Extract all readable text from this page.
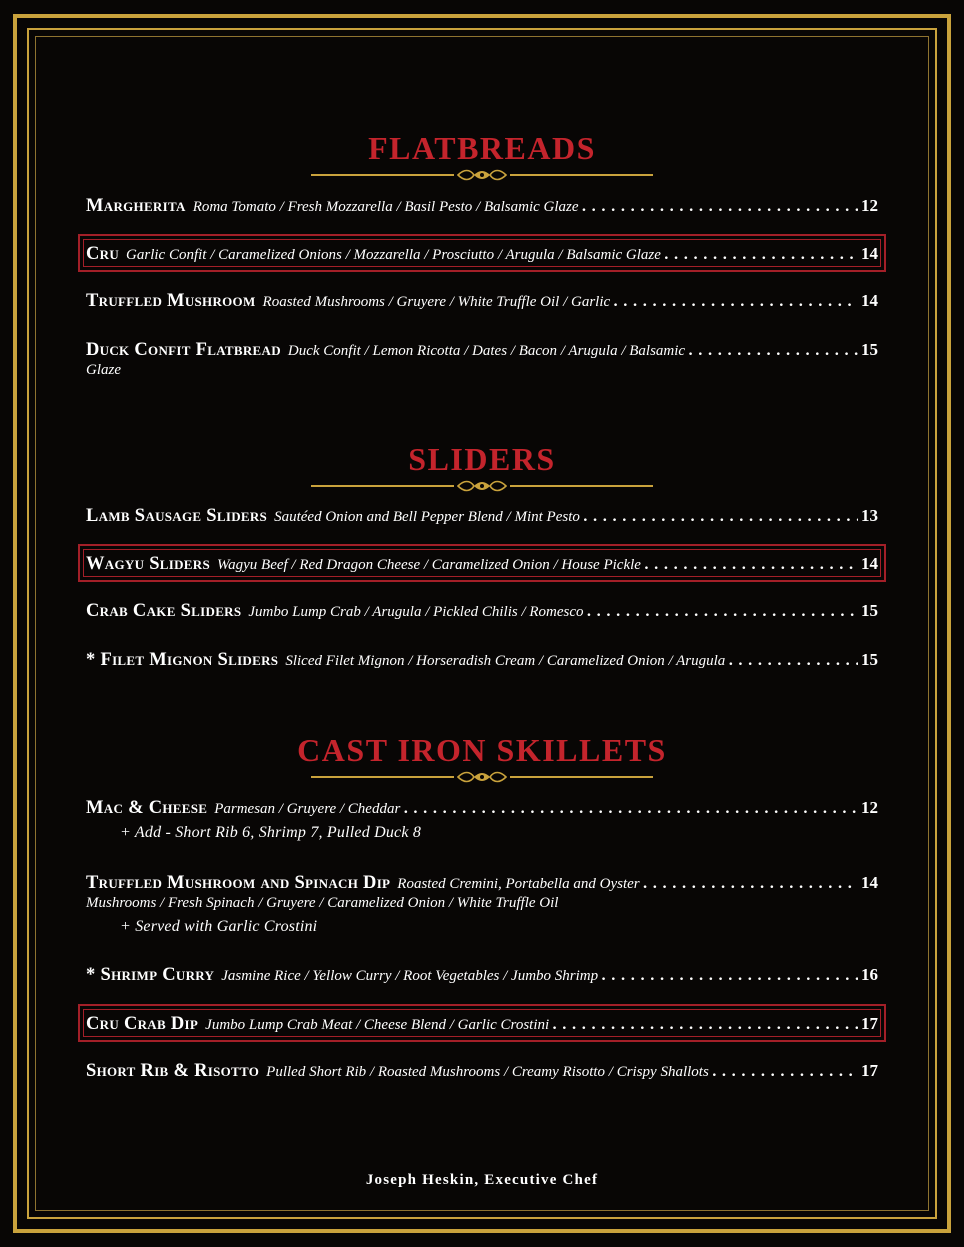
FLATBREADS
Margherita Roma Tomato / Fresh Mozzarella / Basil Pesto / Balsamic Glaze . . .	12
Cru Garlic Confit / Caramelized Onions / Mozzarella / Prosciutto / Arugula / Balsamic Glaze . . .	14
Truffled Mushroom Roasted Mushrooms / Gruyere / White Truffle Oil / Garlic . . .	14
Duck Confit Flatbread Duck Confit / Lemon Ricotta / Dates / Bacon / Arugula / Balsamic . . .	15
Glaze
SLIDERS
Lamb Sausage Sliders Sautéed Onion and Bell Pepper Blend / Mint Pesto . . .	13
Wagyu Sliders Wagyu Beef / Red Dragon Cheese / Caramelized Onion / House Pickle . . .	14
Crab Cake Sliders Jumbo Lump Crab / Arugula / Pickled Chilis / Romesco . . .	15
* Filet Mignon Sliders Sliced Filet Mignon / Horseradish Cream / Caramelized Onion / Arugula . . .	15
CAST IRON SKILLETS
Mac & Cheese Parmesan / Gruyere / Cheddar . . .	12
+ Add - Short Rib 6, Shrimp 7, Pulled Duck 8
Truffled Mushroom and Spinach Dip Roasted Cremini, Portabella and Oyster . . .	14
Mushrooms / Fresh Spinach / Gruyere / Caramelized Onion / White Truffle Oil
+ Served with Garlic Crostini
* Shrimp Curry Jasmine Rice / Yellow Curry / Root Vegetables / Jumbo Shrimp . . .	16
Cru Crab Dip Jumbo Lump Crab Meat / Cheese Blend / Garlic Crostini . . .	17
Short Rib & Risotto Pulled Short Rib / Roasted Mushrooms / Creamy Risotto / Crispy Shallots . . .	17
Joseph Heskin, Executive Chef
